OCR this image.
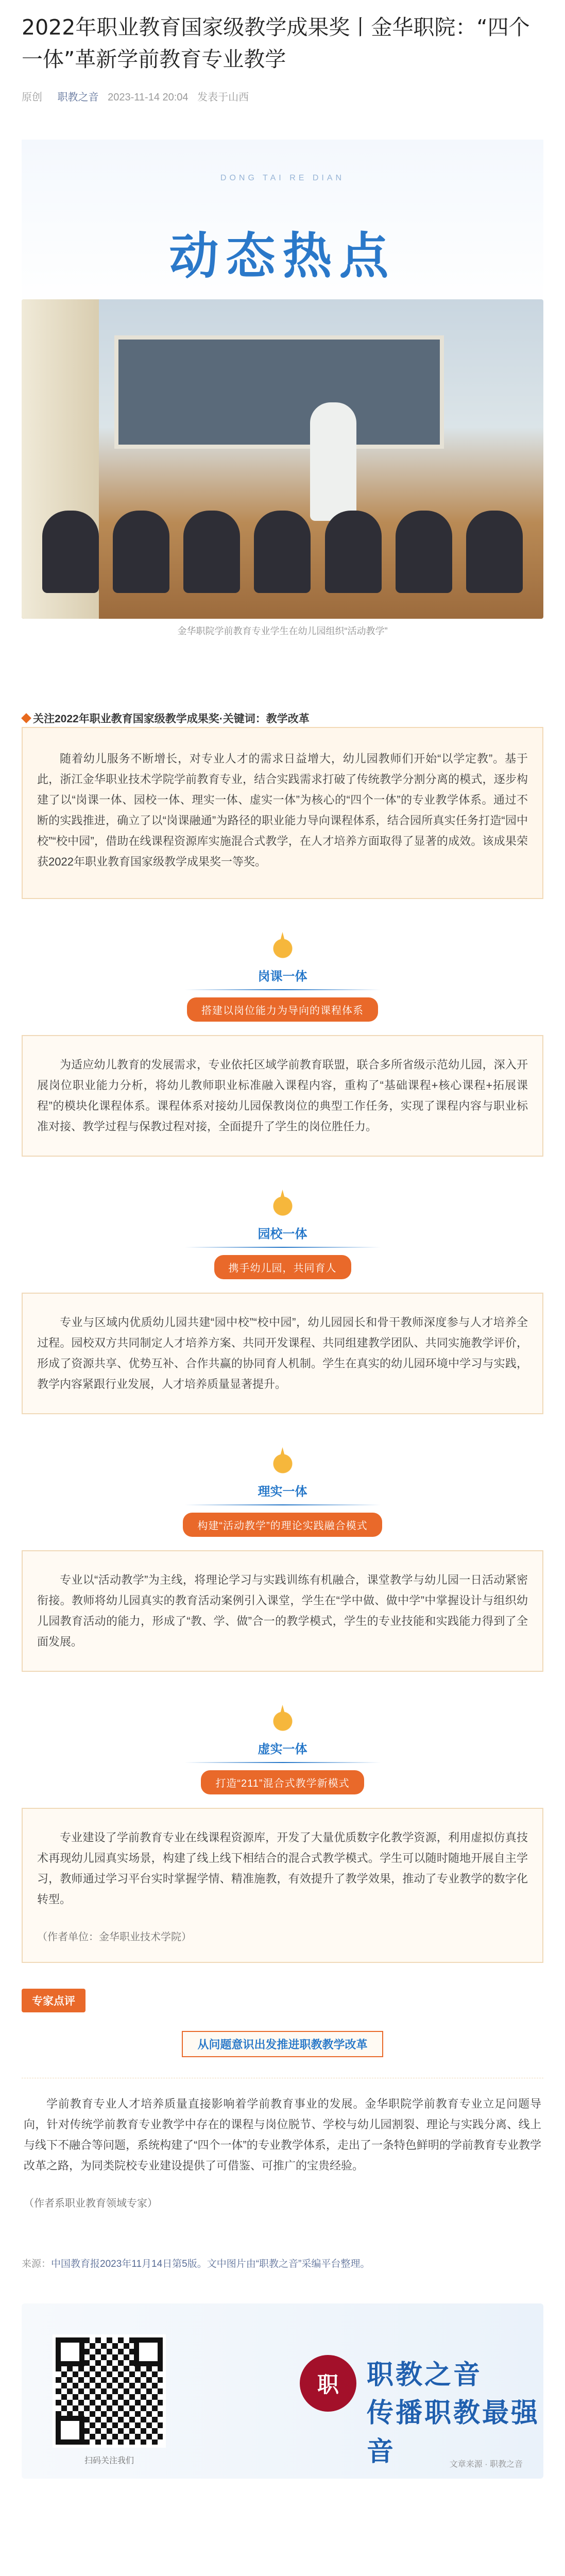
2022年职业教育国家级教学成果奖丨金华职院：“四个一体”革新学前教育专业教学
原创 职教之音 2023-11-14 20:04 发表于山西
DONG TAI RE DIAN
动态热点
金华职院学前教育专业学生在幼儿园组织“活动教学”
关注2022年职业教育国家级教学成果奖·关键词：教学改革

随着幼儿服务不断增长，对专业人才的需求日益增大，幼儿园教师们开始“以学定教”。基于此，浙江金华职业技术学院学前教育专业，结合实践需求打破了传统教学分割分离的模式，逐步构建了以“岗课一体、园校一体、理实一体、虚实一体”为核心的“四个一体”的专业教学体系。通过不断的实践推进，确立了以“岗课融通”为路径的职业能力导向课程体系，结合园所真实任务打造“园中校”“校中园”，借助在线课程资源库实施混合式教学，在人才培养方面取得了显著的成效。该成果荣获2022年职业教育国家级教学成果奖一等奖。

岗课一体
搭建以岗位能力为导向的课程体系

为适应幼儿教育的发展需求，专业依托区域学前教育联盟，联合多所省级示范幼儿园，深入开展岗位职业能力分析，将幼儿教师职业标准融入课程内容，重构了“基础课程+核心课程+拓展课程”的模块化课程体系。课程体系对接幼儿园保教岗位的典型工作任务，实现了课程内容与职业标准对接、教学过程与保教过程对接，全面提升了学生的岗位胜任力。

园校一体
携手幼儿园，共同育人

专业与区域内优质幼儿园共建“园中校”“校中园”，幼儿园园长和骨干教师深度参与人才培养全过程。园校双方共同制定人才培养方案、共同开发课程、共同组建教学团队、共同实施教学评价，形成了资源共享、优势互补、合作共赢的协同育人机制。学生在真实的幼儿园环境中学习与实践，教学内容紧跟行业发展，人才培养质量显著提升。

理实一体
构建“活动教学”的理论实践融合模式

专业以“活动教学”为主线，将理论学习与实践训练有机融合，课堂教学与幼儿园一日活动紧密衔接。教师将幼儿园真实的教育活动案例引入课堂，学生在“学中做、做中学”中掌握设计与组织幼儿园教育活动的能力，形成了“教、学、做”合一的教学模式，学生的专业技能和实践能力得到了全面发展。

虚实一体
打造“211”混合式教学新模式

专业建设了学前教育专业在线课程资源库，开发了大量优质数字化教学资源，利用虚拟仿真技术再现幼儿园真实场景，构建了线上线下相结合的混合式教学模式。学生可以随时随地开展自主学习，教师通过学习平台实时掌握学情、精准施教，有效提升了教学效果，推动了专业教学的数字化转型。

（作者单位：金华职业技术学院）

专家点评
从问题意识出发推进职教教学改革

学前教育专业人才培养质量直接影响着学前教育事业的发展。金华职院学前教育专业立足问题导向，针对传统学前教育专业教学中存在的课程与岗位脱节、学校与幼儿园割裂、理论与实践分离、线上与线下不融合等问题，系统构建了“四个一体”的专业教学体系，走出了一条特色鲜明的学前教育专业教学改革之路，为同类院校专业建设提供了可借鉴、可推广的宝贵经验。

（作者系职业教育领域专家）

来源：中国教育报2023年11月14日第5版。文中图片由“职教之音”采编平台整理。
扫码关注我们
职	职教之音
传播职教最强音	文章来源 · 职教之音
